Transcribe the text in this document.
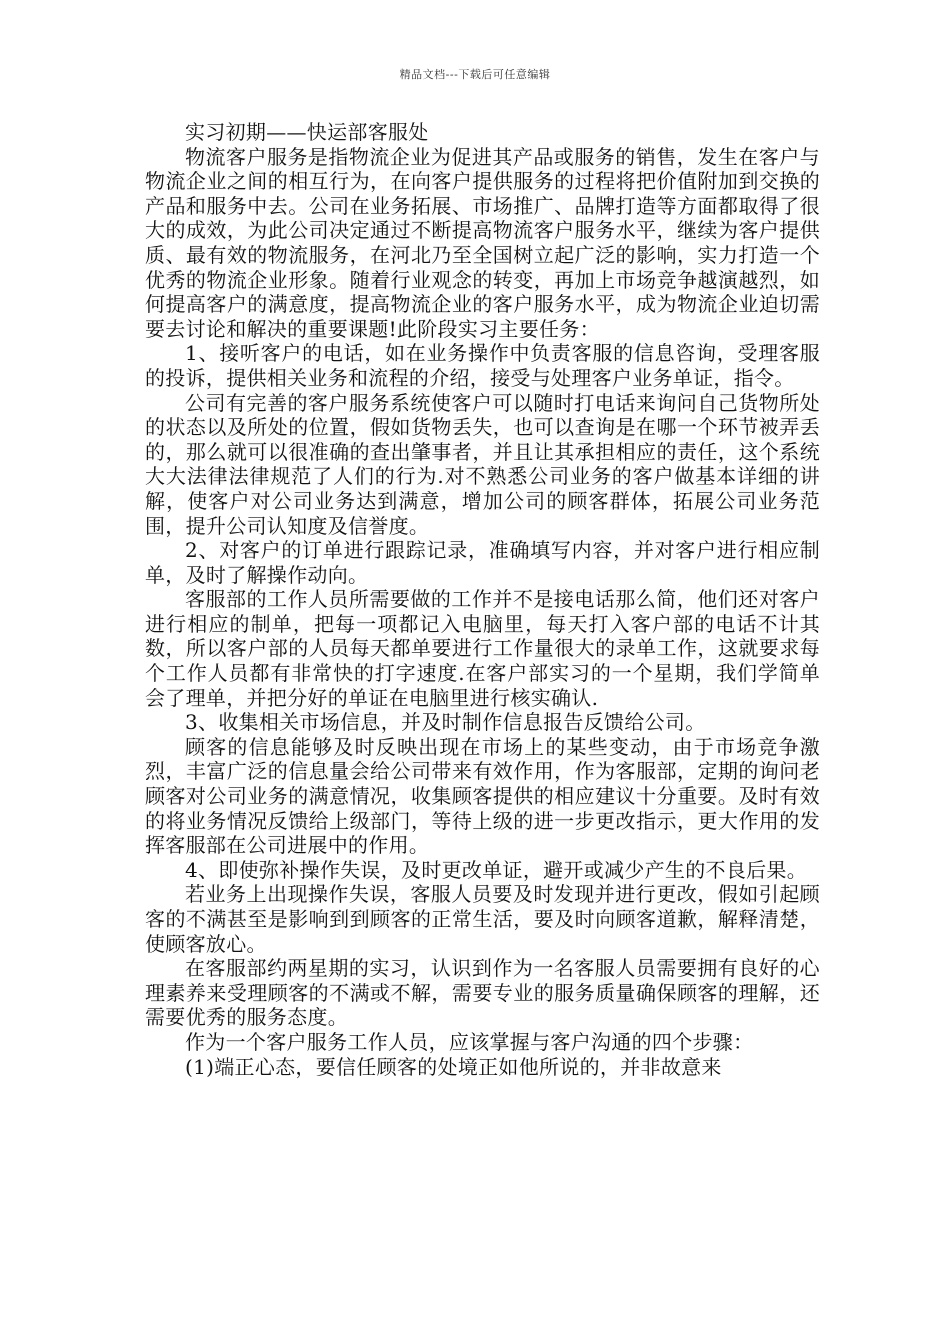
精品文档---下载后可任意编辑

实习初期——快运部客服处

物流客户服务是指物流企业为促进其产品或服务的销售，发生在客户与物流企业之间的相互行为，在向客户提供服务的过程将把价值附加到交换的产品和服务中去。公司在业务拓展、市场推广、品牌打造等方面都取得了很大的成效，为此公司决定通过不断提高物流客户服务水平，继续为客户提供质、最有效的物流服务，在河北乃至全国树立起广泛的影响，实力打造一个优秀的物流企业形象。随着行业观念的转变，再加上市场竞争越演越烈，如何提高客户的满意度，提高物流企业的客户服务水平，成为物流企业迫切需要去讨论和解决的重要课题!此阶段实习主要任务：

1、接听客户的电话，如在业务操作中负责客服的信息咨询，受理客服的投诉，提供相关业务和流程的介绍，接受与处理客户业务单证，指令。

公司有完善的客户服务系统使客户可以随时打电话来询问自己货物所处的状态以及所处的位置，假如货物丢失，也可以查询是在哪一个环节被弄丢的，那么就可以很准确的查出肇事者，并且让其承担相应的责任，这个系统大大法律法律规范了人们的行为.对不熟悉公司业务的客户做基本详细的讲解，使客户对公司业务达到满意，增加公司的顾客群体，拓展公司业务范围，提升公司认知度及信誉度。

2、对客户的订单进行跟踪记录，准确填写内容，并对客户进行相应制单，及时了解操作动向。

客服部的工作人员所需要做的工作并不是接电话那么简，他们还对客户进行相应的制单，把每一项都记入电脑里，每天打入客户部的电话不计其数，所以客户部的人员每天都单要进行工作量很大的录单工作，这就要求每个工作人员都有非常快的打字速度.在客户部实习的一个星期，我们学简单会了理单，并把分好的单证在电脑里进行核实确认.

3、收集相关市场信息，并及时制作信息报告反馈给公司。

顾客的信息能够及时反映出现在市场上的某些变动，由于市场竞争激烈，丰富广泛的信息量会给公司带来有效作用，作为客服部，定期的询问老顾客对公司业务的满意情况，收集顾客提供的相应建议十分重要。及时有效的将业务情况反馈给上级部门，等待上级的进一步更改指示，更大作用的发挥客服部在公司进展中的作用。

4、即使弥补操作失误，及时更改单证，避开或减少产生的不良后果。

若业务上出现操作失误，客服人员要及时发现并进行更改，假如引起顾客的不满甚至是影响到到顾客的正常生活，要及时向顾客道歉，解释清楚，使顾客放心。

在客服部约两星期的实习，认识到作为一名客服人员需要拥有良好的心理素养来受理顾客的不满或不解，需要专业的服务质量确保顾客的理解，还需要优秀的服务态度。

作为一个客户服务工作人员，应该掌握与客户沟通的四个步骤：

(1)端正心态，要信任顾客的处境正如他所说的，并非故意来
